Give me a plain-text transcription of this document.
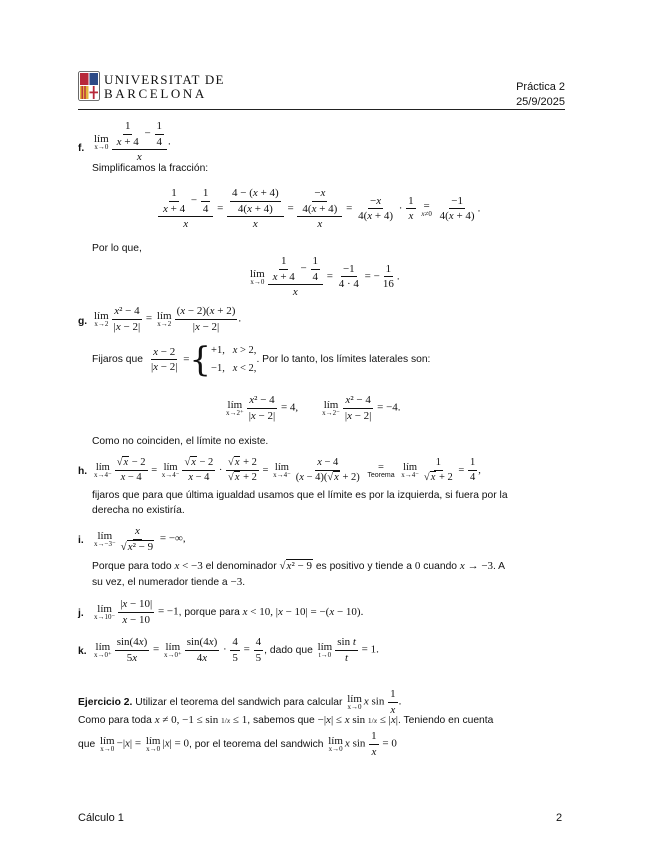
UNIVERSITAT DE
BARCELONA	Práctica 2
25/9/2025
f.
lím
$x\to 0 \frac{\frac{1}{x + 4} - \frac{1}{4}}{x}$ .
Simplificamos la fracción:
$\frac{\frac{1}{x + 4} - \frac{1}{4}}{x} = \frac{\frac{4 - (x + 4)}{4(x + 4)}}{x} = \frac{\frac{-x}{4(x + 4)}}{x} = \frac{-x}{4(x + 4)} \cdot \frac{1}{x}$
=
x≠0
$\frac{-1}{4(x + 4)}$ .
Por lo que,
lím
$x\to 0 \frac{\frac{1}{x + 4} - \frac{1}{4}}{x} = \frac{-1}{4 \cdot 4}$ = − $\frac{1}{16}$ .
g. lím
$x\to 2 \frac{\text{x² − 4}}{|x - 2|}$ = lím
$x\to 2 \frac{(x - 2)(x + 2)}{|x - 2|}$ .
Fijaros que $\frac{x - 2}{|x - 2|}$ = { +1,   x > 2,
−1,   x < 2,
. Por lo tanto, los límites laterales son:
lím
$x\to 2^+ \frac{\text{x² − 4}}{|x - 2|} = 4$, lím
$x\to 2^- \frac{\text{x² − 4}}{|x - 2|} = -4$.
Como no coinciden, el límite no existe.
h. lím
$x\to 4^- \frac{√x - 2}{x - 4}$ = lím
$x\to 4^- \frac{√x - 2}{x - 4} \cdot \frac{√x + 2}{√x + 2}$ = lím
$x\to 4^- \frac{x - 4}{(x - 4)(√x + 2)}$
=
Teorema

lím
$x\to 4^- \frac{1}{√x + 2} = \frac{1}{4}$ ,
fijaros que para que última igualdad usamos que el límite es por la izquierda, si fuera por la
derecha no existiría.
i. lím
$x\to-3^- \frac{x}{\text{√x² − 9}}$ = −∞,
Porque para todo x < −3 el denominador √x² − 9 es positivo y tiende a 0 cuando x → −3. A
su vez, el numerador tiende a −3.
j. lím
$x\to 10^- \frac{|x - 10|}{x - 10} = -1$ , porque para x < 10, |x − 10| = −(x − 10).
k. lím
$x\to 0^+ \frac{\sin(4x)}{5x}$ = lím
$x\to 0^+ \frac{\sin(4x)}{4x} \cdot \frac{4}{5} = \frac{4}{5}$ , dado que
lím
$t\to 0 \frac{\text{sin t}}{t} = 1$.
Ejercicio 2.
Utilizar el teorema del sandwich para calcular
lím
x→0 x $\sin \frac{1}{x}$ .
Como para toda x ≠ 0, −1 ≤ sin 1/x ≤ 1, sabemos que −|x| ≤ x sin 1/x ≤ |x|. Teniendo en cuenta
que
lím
x→0 −|x| = lím
x→0 |x| = 0 , por el teorema del sandwich
lím
x→0 x $\sin \frac{1}{x} = 0$
Cálculo 1	2
